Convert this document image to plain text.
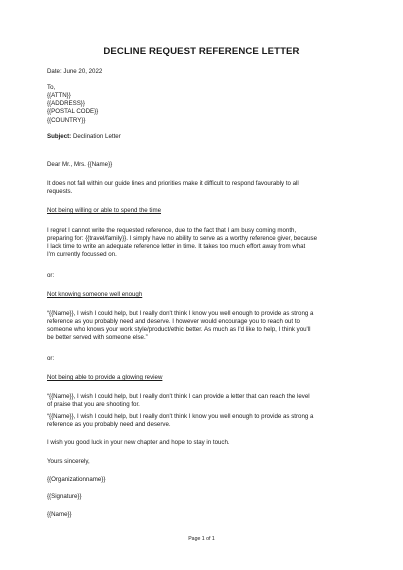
DECLINE REQUEST REFERENCE LETTER
Date: June 20, 2022
To,
{{ATTN}}
{{ADDRESS}}
{{POSTAL CODE}}
{{COUNTRY}}
Subject: Declination Letter
Dear Mr., Mrs. {{Name}}
It does not fall within our guide lines and priorities make it difficult to respond favourably to all
requests.
Not being willing or able to spend the time
I regret I cannot write the requested reference, due to the fact that I am busy coming month,
preparing for: {{travel/family}}. I simply have no ability to serve as a worthy reference giver, because
I lack time to write an adequate reference letter in time. It takes too much effort away from what
I'm currently focussed on.
or:
Not knowing someone well enough
“{{Name}}, I wish I could help, but I really don't think I know you well enough to provide as strong a
reference as you probably need and deserve. I however would encourage you to reach out to
someone who knows your work style/product/ethic better. As much as I'd like to help, I think you'll
be better served with someone else.”
or:
Not being able to provide a glowing review
“{{Name}}, I wish I could help, but I really don't think I can provide a letter that can reach the level
of praise that you are shooting for.
“{{Name}}, I wish I could help, but I really don't think I know you well enough to provide as strong a
reference as you probably need and deserve.
I wish you good luck in your new chapter and hope to stay in touch.
Yours sincerely,
{{Organizationname}}
{{Signature}}
{{Name}}
Page 1 of 1
